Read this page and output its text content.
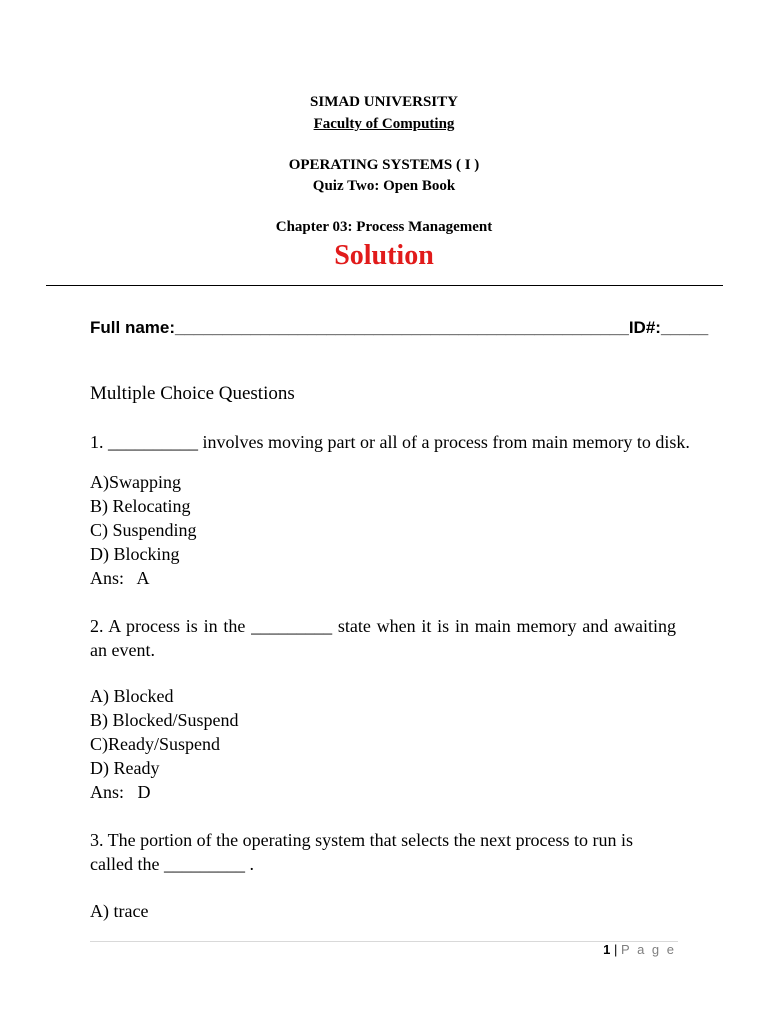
SIMAD UNIVERSITY
Faculty of Computing
OPERATING SYSTEMS ( I )
Quiz Two: Open Book
Chapter 03: Process Management
Solution
Full name:________________________________________________ID#:_____
Multiple Choice Questions
1. __________ involves moving part or all of a process from main memory to disk.
A)Swapping
B) Relocating
C) Suspending
D) Blocking
Ans:   A
2. A process is in the _________ state when it is in main memory and awaiting an event.
A) Blocked
B) Blocked/Suspend
C)Ready/Suspend
D) Ready
Ans:   D
3. The portion of the operating system that selects the next process to run is called the _________ .
A) trace
1 | P a g e
